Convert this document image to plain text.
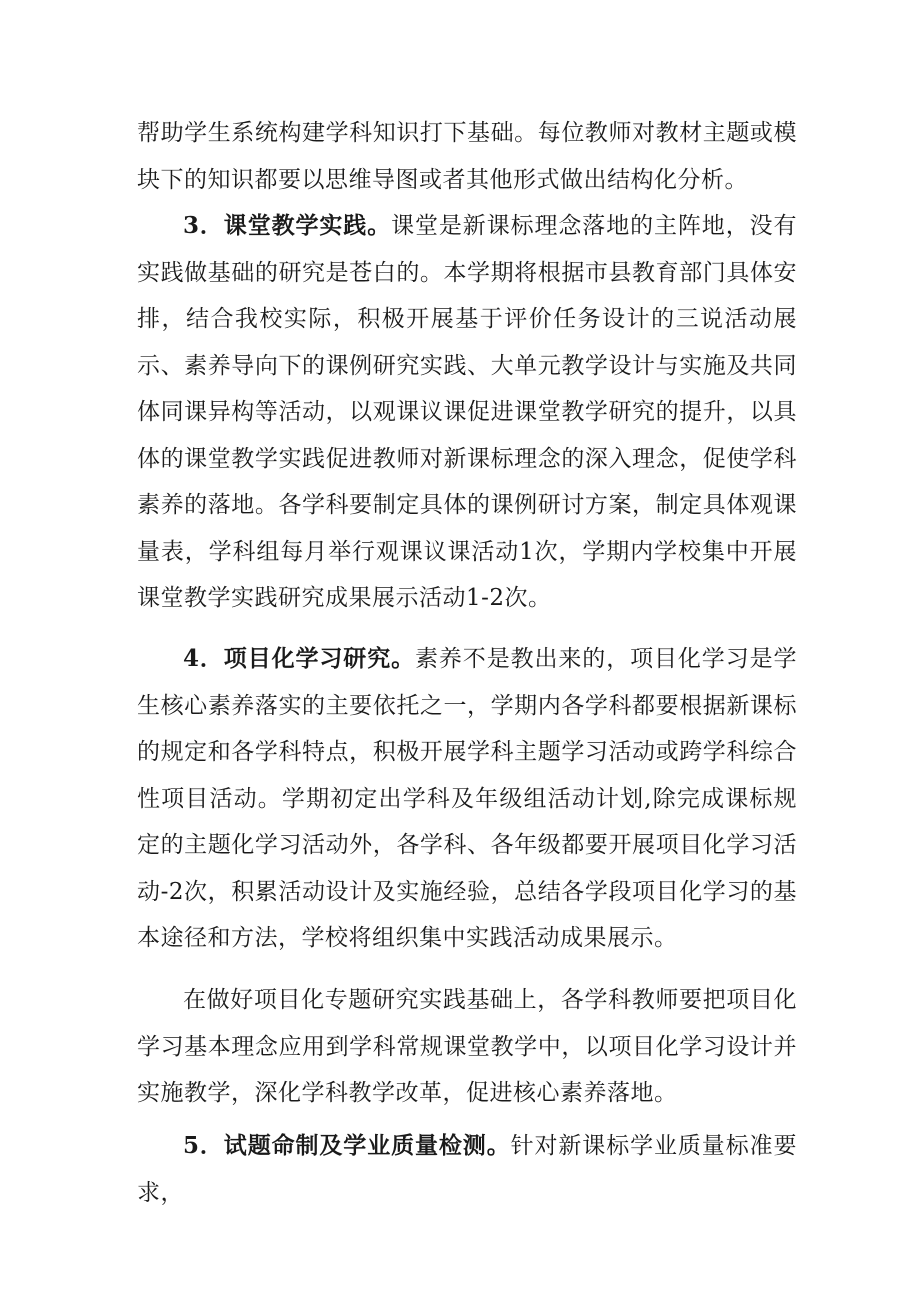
帮助学生系统构建学科知识打下基础。每位教师对教材主题或模块下的知识都要以思维导图或者其他形式做出结构化分析。

3．课堂教学实践。课堂是新课标理念落地的主阵地，没有实践做基础的研究是苍白的。本学期将根据市县教育部门具体安排，结合我校实际，积极开展基于评价任务设计的三说活动展示、素养导向下的课例研究实践、大单元教学设计与实施及共同体同课异构等活动，以观课议课促进课堂教学研究的提升，以具体的课堂教学实践促进教师对新课标理念的深入理念，促使学科素养的落地。各学科要制定具体的课例研讨方案，制定具体观课量表，学科组每月举行观课议课活动1次，学期内学校集中开展课堂教学实践研究成果展示活动1-2次。

4．项目化学习研究。素养不是教出来的，项目化学习是学生核心素养落实的主要依托之一，学期内各学科都要根据新课标的规定和各学科特点，积极开展学科主题学习活动或跨学科综合性项目活动。学期初定出学科及年级组活动计划,除完成课标规定的主题化学习活动外，各学科、各年级都要开展项目化学习活动-2次，积累活动设计及实施经验，总结各学段项目化学习的基本途径和方法，学校将组织集中实践活动成果展示。

在做好项目化专题研究实践基础上，各学科教师要把项目化学习基本理念应用到学科常规课堂教学中，以项目化学习设计并实施教学，深化学科教学改革，促进核心素养落地。

5．试题命制及学业质量检测。针对新课标学业质量标准要求，
